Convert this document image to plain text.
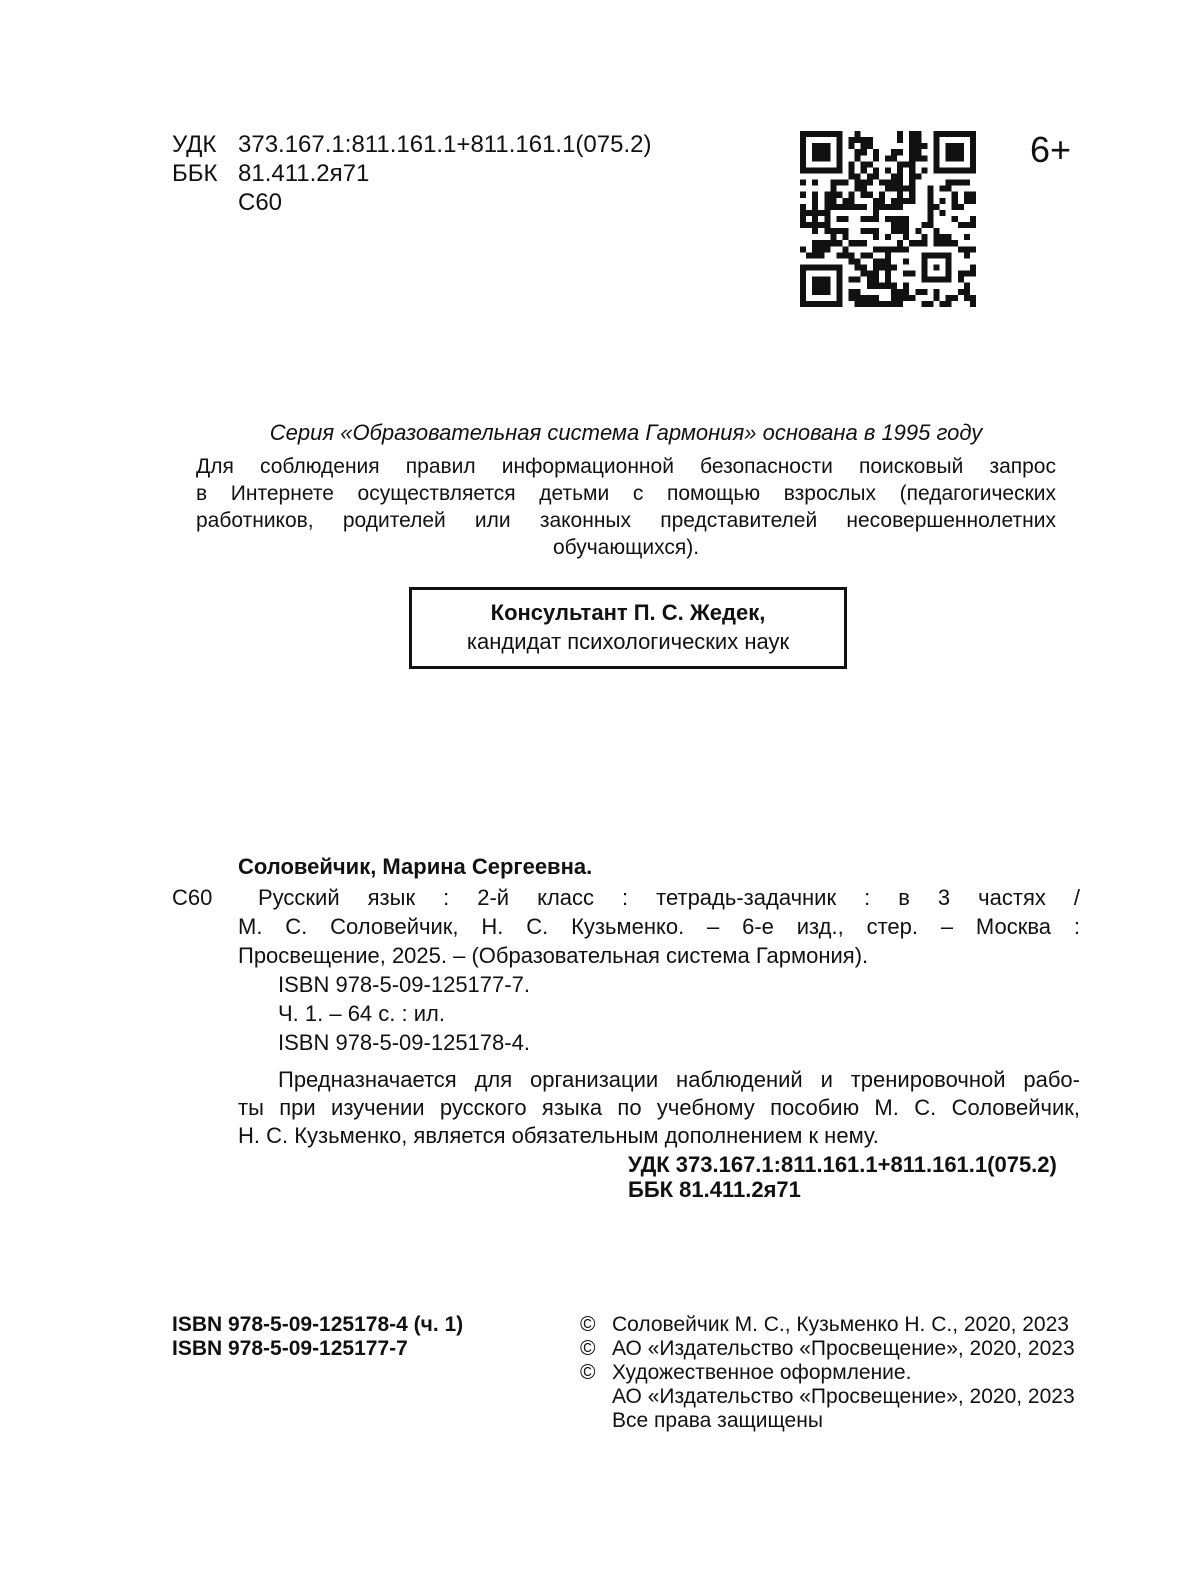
УДК 373.167.1:811.161.1+811.161.1(075.2)
ББК 81.411.2я71
С60
6+
Серия «Образовательная система Гармония» основана в 1995 году
Для соблюдения правил информационной безопасности поисковый запрос
в Интернете осуществляется детьми с помощью взрослых (педагогических
работников, родителей или законных представителей несовершеннолетних
обучающихся).
Консультант П. С. Жедек,
кандидат психологических наук
Соловейчик, Марина Сергеевна.
С60 Русский язык : 2-й класс : тетрадь-задачник : в 3 частях /
М. С. Соловейчик, Н. С. Кузьменко. – 6-е изд., стер. – Москва :
Просвещение, 2025. – (Образовательная система Гармония).
ISBN 978-5-09-125177-7.
Ч. 1. – 64 с. : ил.
ISBN 978-5-09-125178-4.
Предназначается для организации наблюдений и тренировочной рабо-
ты при изучении русского языка по учебному пособию М. С. Соловейчик,
Н. С. Кузьменко, является обязательным дополнением к нему.
УДК 373.167.1:811.161.1+811.161.1(075.2)
ББК 81.411.2я71
ISBN 978-5-09-125178-4 (ч. 1)
ISBN 978-5-09-125177-7
© Соловейчик М. С., Кузьменко Н. С., 2020, 2023
© АО «Издательство «Просвещение», 2020, 2023
© Художественное оформление.
АО «Издательство «Просвещение», 2020, 2023
Все права защищены
